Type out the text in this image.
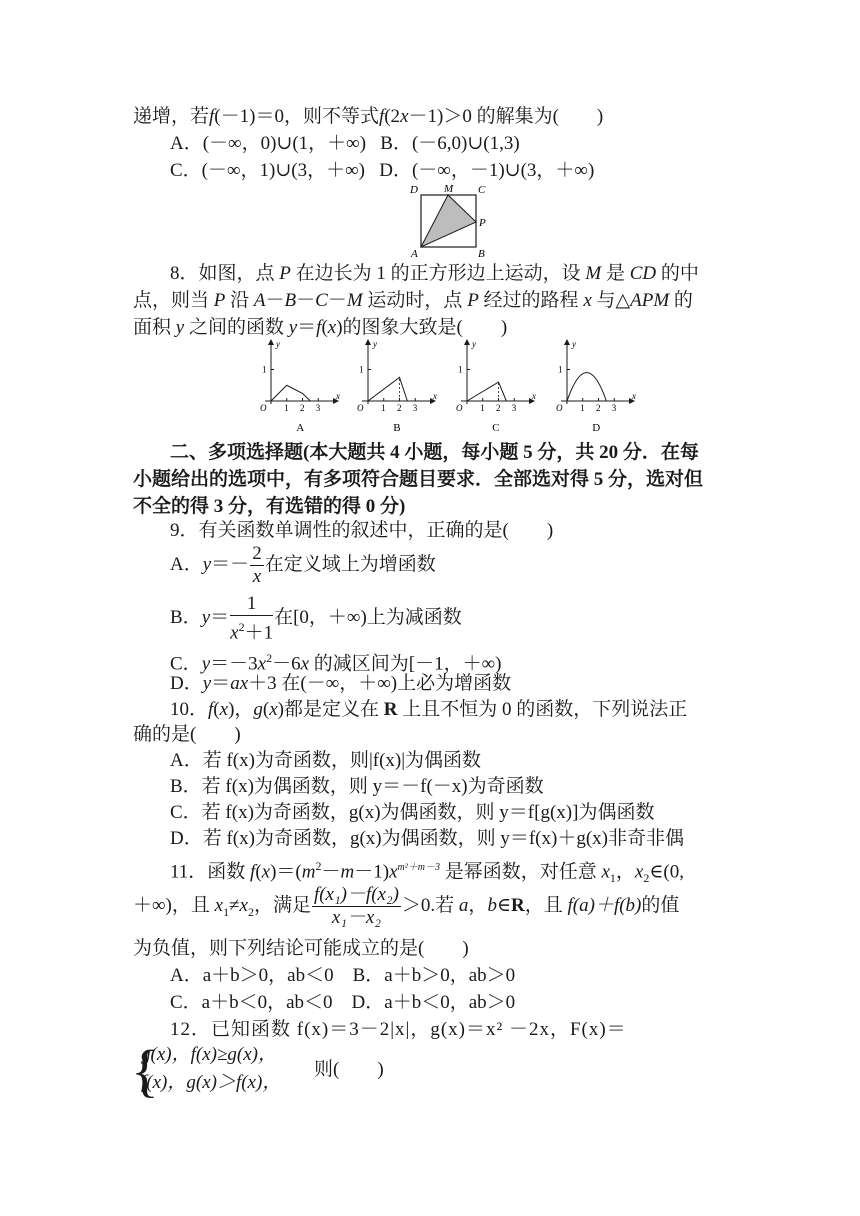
递增，若f(－1)＝0，则不等式f(2x－1)＞0 的解集为(　　)
A．(－∞，0)∪(1，＋∞) B．(－6,0)∪(1,3)
C．(－∞，1)∪(3，＋∞) D．(－∞，－1)∪(3，＋∞)
D M C
P
A	B
8．如图，点 P 在边长为 1 的正方形边上运动，设 M 是 CD 的中
点，则当 P 沿 A－B－C－M 运动时，点 P 经过的路程 x 与△APM 的
面积 y 之间的函数 y＝f(x)的图象大致是(　　)
y
x
O
1
1 2 3
A
y
x
O
1
1 2 3
B
y
x
O
1
1 2 3
C
y
x
O
1
1 2 3
D
二、多项选择题(本大题共 4 小题，每小题 5 分，共 20 分．在每
小题给出的选项中，有多项符合题目要求．全部选对得 5 分，选对但
不全的得 3 分，有选错的得 0 分)
9．有关函数单调性的叙述中，正确的是(　　)
A．$y=- \frac{2}{x}$ 在定义域上为增函数
B．$y= \frac{1}{x^2+1}$ 在[0，＋∞)上为减函数
C．$y=-3x^2-6x$ 的减区间为[－1，＋∞)
D．y＝ax＋3 在(－∞，＋∞)上必为增函数
10．f(x)，g(x)都是定义在 R 上且不恒为 0 的函数，下列说法正
确的是(　　)
A．若 f(x)为奇函数，则|f(x)|为偶函数
B．若 f(x)为偶函数，则 y＝－f(－x)为奇函数
C．若 f(x)为奇函数，g(x)为偶函数，则 y＝f[g(x)]为偶函数
D．若 f(x)为奇函数，g(x)为偶函数，则 y＝f(x)＋g(x)非奇非偶
11．函数 $f(x)=(m^2-m-1)x^{m^2+m-3}$ 是幂函数，对任意 $x_1$，$x_2\in(0$,
＋∞)，且 $x_1\ne x_2$，满足 $\frac{\text{f(x₁)－f(x₂)}}{\text{x₁－x₂}} >0$.若 a，b∈R，且 f(a)＋f(b)的值
为负值，则下列结论可能成立的是(　　)
A．a＋b＞0，ab＜0　B．a＋b＞0，ab＞0
C．a＋b＜0，ab＜0　D．a＋b＜0，ab＞0
12．已知函数 f(x)＝3－2|x|，g(x)＝x² －2x，F(x)＝
{
g(x)，f(x)≥g(x)，
f(x)，g(x)＞f(x)，
则(　　)
